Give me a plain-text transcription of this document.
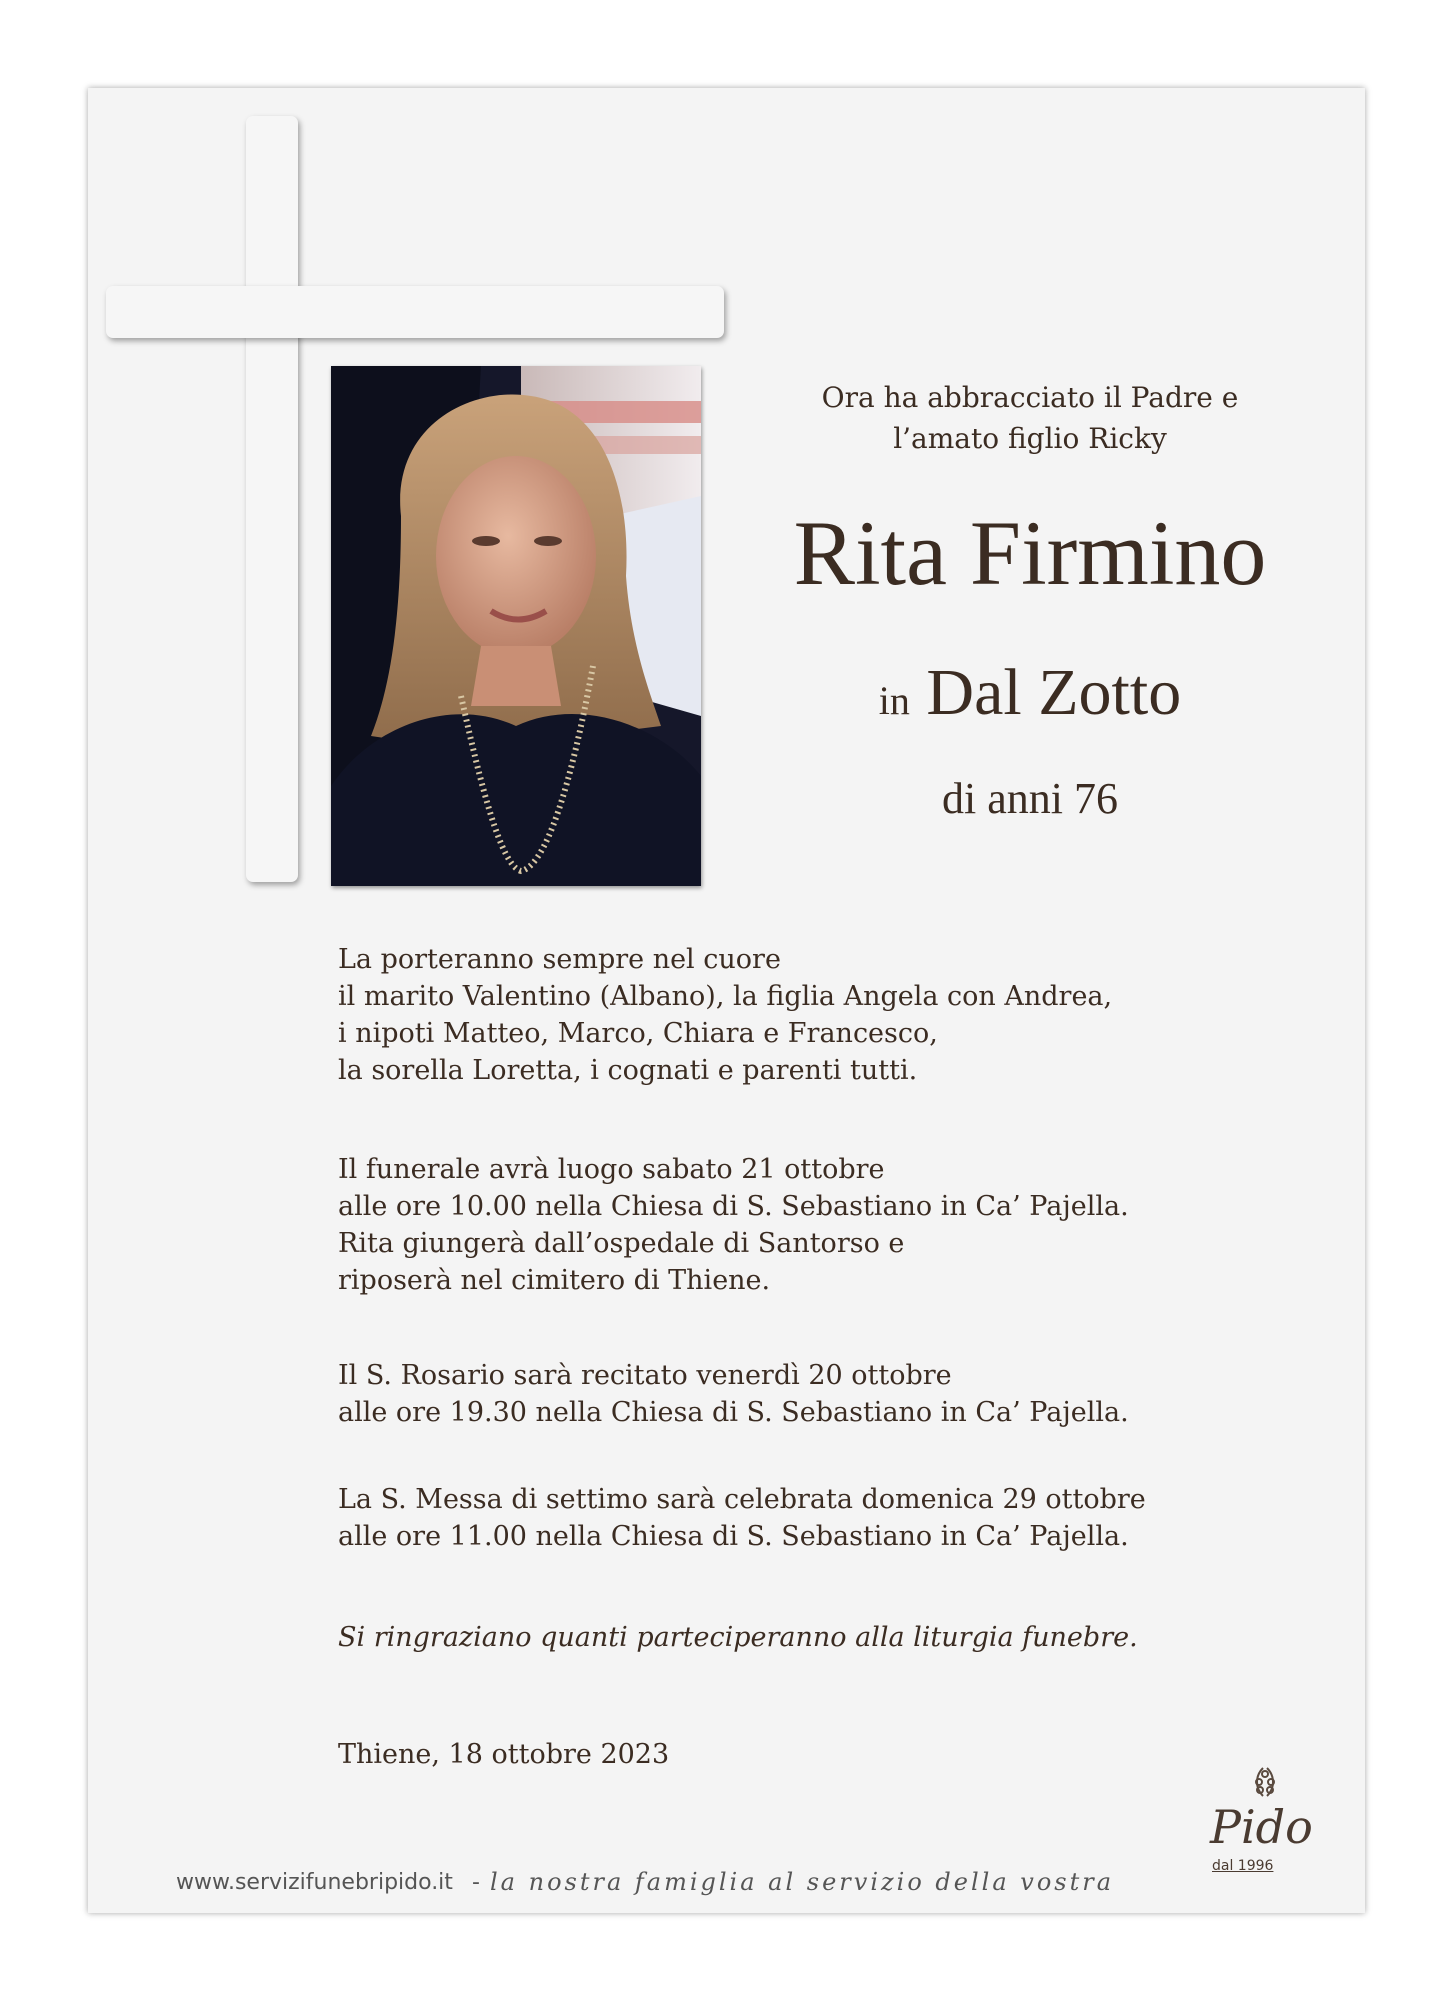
Ora ha abbracciato il Padre e
l’amato figlio Ricky
Rita Firmino
in Dal Zotto
di anni 76
La porteranno sempre nel cuore
il marito Valentino (Albano), la figlia Angela con Andrea,
i nipoti Matteo, Marco, Chiara e Francesco,
la sorella Loretta, i cognati e parenti tutti.
Il funerale avrà luogo sabato 21 ottobre
alle ore 10.00 nella Chiesa di S. Sebastiano in Ca’ Pajella.
Rita giungerà dall’ospedale di Santorso e
riposerà nel cimitero di Thiene.
Il S. Rosario sarà recitato venerdì 20 ottobre
alle ore 19.30 nella Chiesa di S. Sebastiano in Ca’ Pajella.
La S. Messa di settimo sarà celebrata domenica 29 ottobre
alle ore 11.00 nella Chiesa di S. Sebastiano in Ca’ Pajella.
Si ringraziano quanti parteciperanno alla liturgia funebre.
Thiene, 18 ottobre 2023
www.servizifunebripido.it - la nostra famiglia al servizio della vostra
Pido
dal 1996
